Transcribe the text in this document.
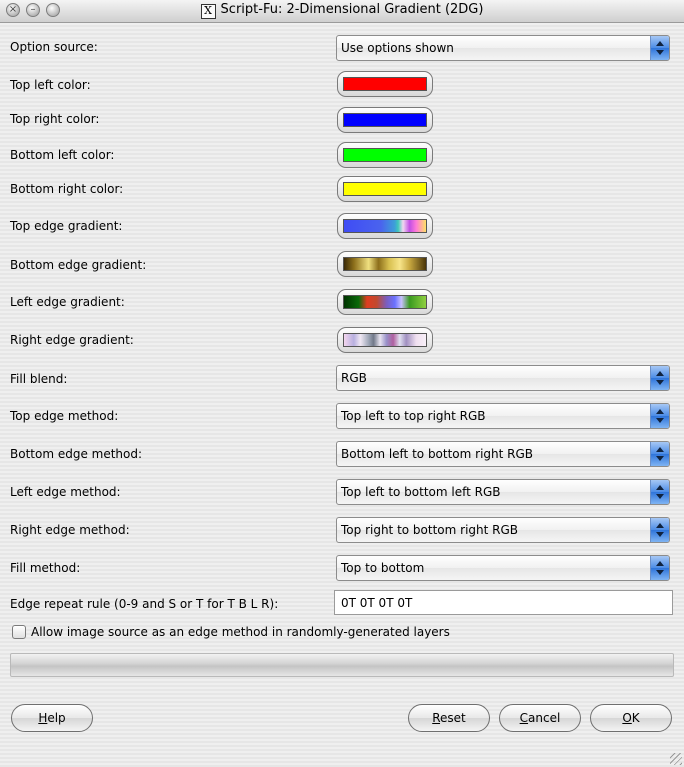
×	–	X Script-Fu: 2-Dimensional Gradient (2DG)
Option source:	Use options shown
Top left color:
Top right color:
Bottom left color:
Bottom right color:
Top edge gradient:
Bottom edge gradient:
Left edge gradient:
Right edge gradient:
Fill blend:	RGB
Top edge method:	Top left to top right RGB
Bottom edge method:	Bottom left to bottom right RGB
Left edge method:	Top left to bottom left RGB
Right edge method:	Top right to bottom right RGB
Fill method:	Top to bottom
Edge repeat rule (0-9 and S or T for T B L R):	0T 0T 0T 0T
Allow image source as an edge method in randomly-generated layers
Help	Reset	Cancel	OK
